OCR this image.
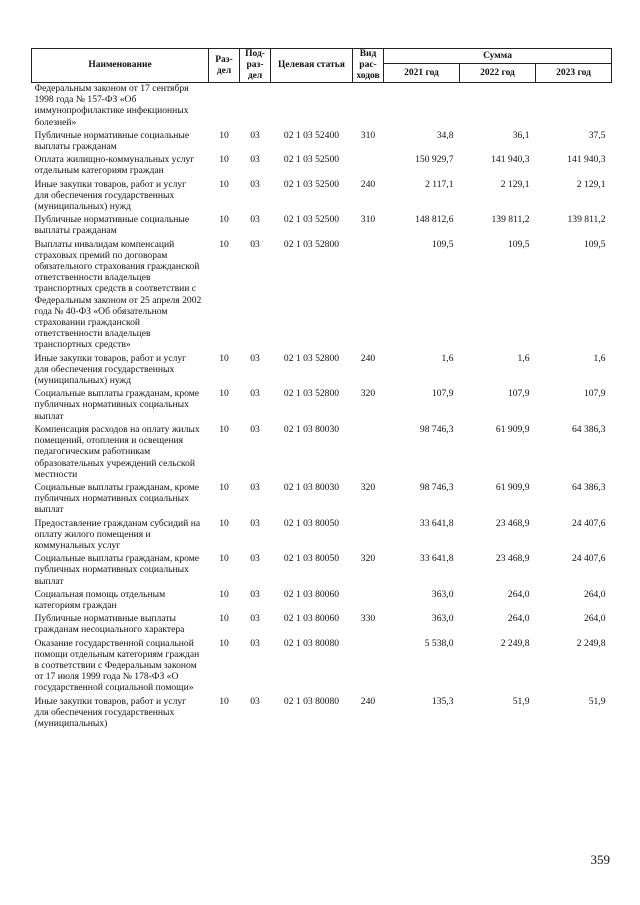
Наименование	Раз-дел	Под-раз-дел	Целевая статья	Вид рас-ходов	Сумма		
					2021 год	2022 год	2023 год
Федеральным законом от 17 сентября 1998 года № 157-ФЗ «Об иммунопрофилактике инфекционных болезней»							
Публичные нормативные социальные выплаты гражданам	10	03	02 1 03 52400	310	34,8	36,1	37,5
Оплата жилищно-коммунальных услуг отдельным категориям граждан	10	03	02 1 03 52500		150 929,7	141 940,3	141 940,3
Иные закупки товаров, работ и услуг для обеспечения государственных (муниципальных) нужд	10	03	02 1 03 52500	240	2 117,1	2 129,1	2 129,1
Публичные нормативные социальные выплаты гражданам	10	03	02 1 03 52500	310	148 812,6	139 811,2	139 811,2
Выплаты инвалидам компенсаций страховых премий по договорам обязательного страхования гражданской ответственности владельцев транспортных средств в соответствии с Федеральным законом от 25 апреля 2002 года № 40-ФЗ «Об обязательном страховании гражданской ответственности владельцев транспортных средств»	10	03	02 1 03 52800		109,5	109,5	109,5
Иные закупки товаров, работ и услуг для обеспечения государственных (муниципальных) нужд	10	03	02 1 03 52800	240	1,6	1,6	1,6
Социальные выплаты гражданам, кроме публичных нормативных социальных выплат	10	03	02 1 03 52800	320	107,9	107,9	107,9
Компенсация расходов на оплату жилых помещений, отопления и освещения педагогическим работникам образовательных учреждений сельской местности	10	03	02 1 03 80030		98 746,3	61 909,9	64 386,3
Социальные выплаты гражданам, кроме публичных нормативных социальных выплат	10	03	02 1 03 80030	320	98 746,3	61 909,9	64 386,3
Предоставление гражданам субсидий на оплату жилого помещения и коммунальных услуг	10	03	02 1 03 80050		33 641,8	23 468,9	24 407,6
Социальные выплаты гражданам, кроме публичных нормативных социальных выплат	10	03	02 1 03 80050	320	33 641,8	23 468,9	24 407,6
Социальная помощь отдельным категориям граждан	10	03	02 1 03 80060		363,0	264,0	264,0
Публичные нормативные выплаты гражданам несоциального характера	10	03	02 1 03 80060	330	363,0	264,0	264,0
Оказание государственной социальной помощи отдельным категориям граждан в соответствии с Федеральным законом от 17 июля 1999 года № 178-ФЗ «О государственной социальной помощи»	10	03	02 1 03 80080		5 538,0	2 249,8	2 249,8
Иные закупки товаров, работ и услуг для обеспечения государственных (муниципальных)	10	03	02 1 03 80080	240	135,3	51,9	51,9
359
